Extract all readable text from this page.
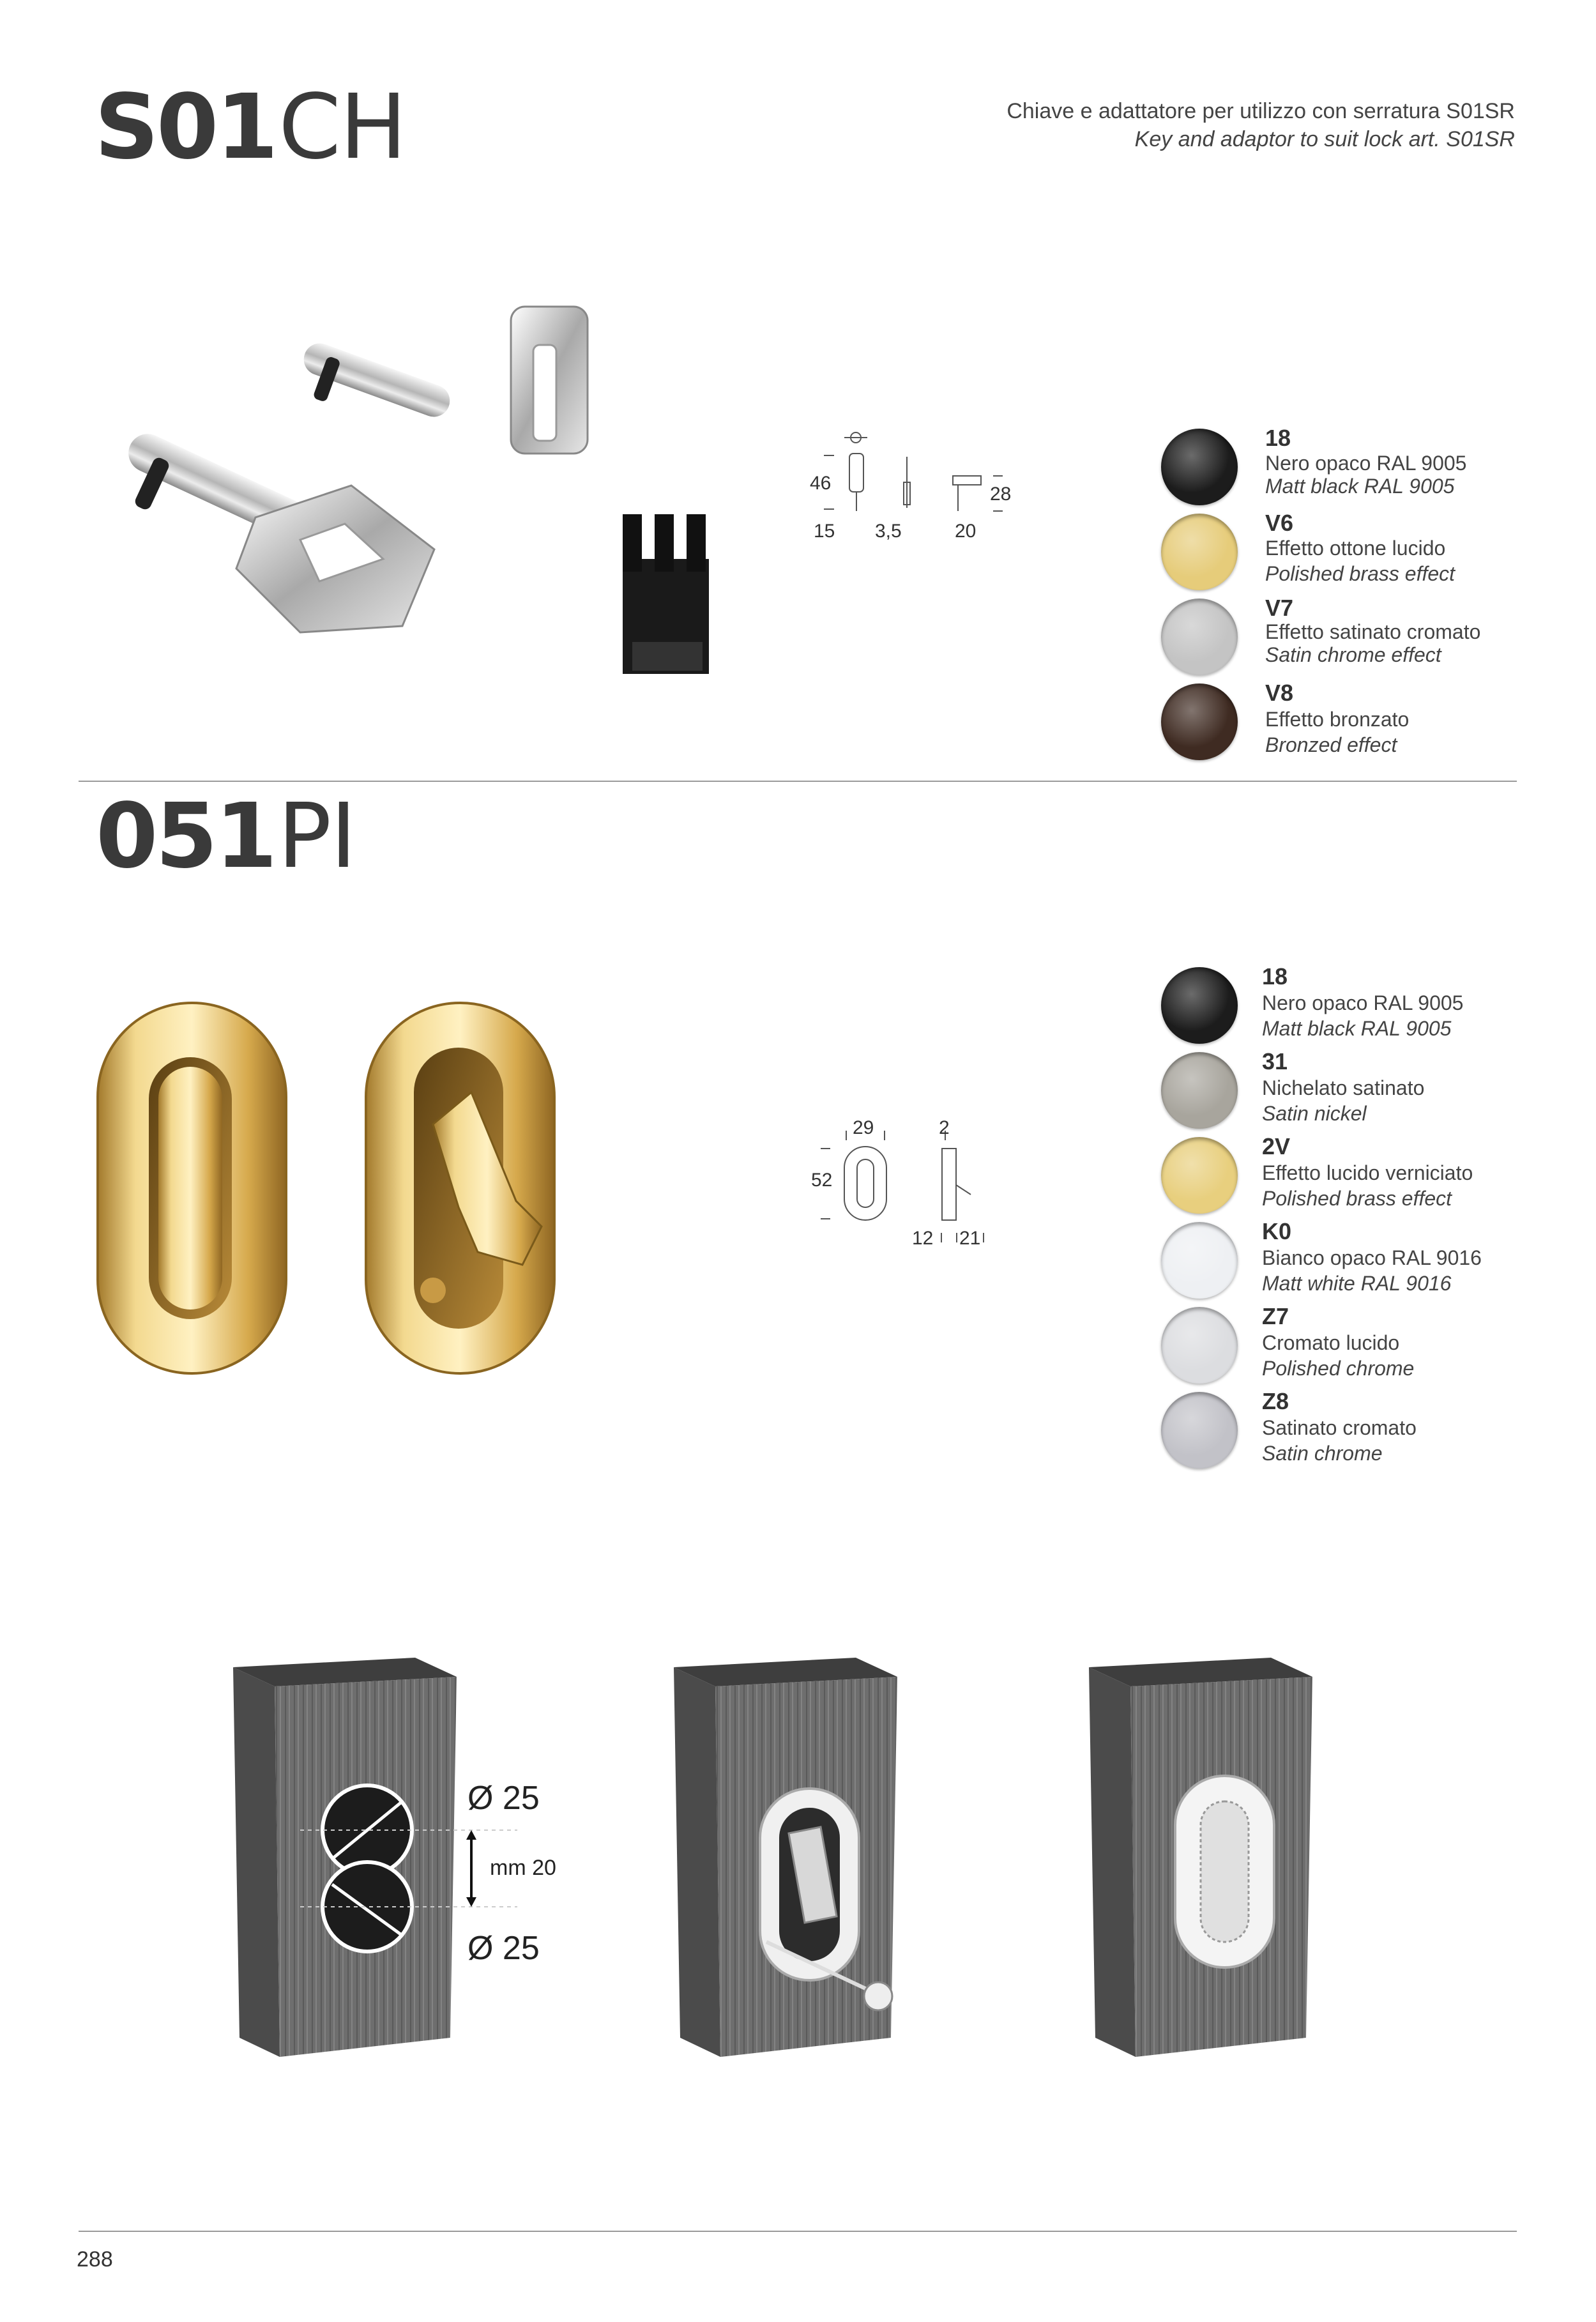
S01 CH	Chiave e adattatore per utilizzo con serratura S01SR
Key and adaptor to suit lock art. S01SR
46
15 3,5
28
20
18
Nero opaco RAL 9005
Matt black RAL 9005
V6
Effetto ottone lucido
Polished brass effect
V7
Effetto satinato cromato
Satin chrome effect
V8
Effetto bronzato
Bronzed effect
051 PI
29
52
2
12 21
18
Nero opaco RAL 9005
Matt black RAL 9005
31
Nichelato satinato
Satin nickel
2V
Effetto lucido verniciato
Polished brass effect
K0
Bianco opaco RAL 9016
Matt white RAL 9016
Z7
Cromato lucido
Polished chrome
Z8
Satinato cromato
Satin chrome
Ø 25
mm 20
Ø 25
288
